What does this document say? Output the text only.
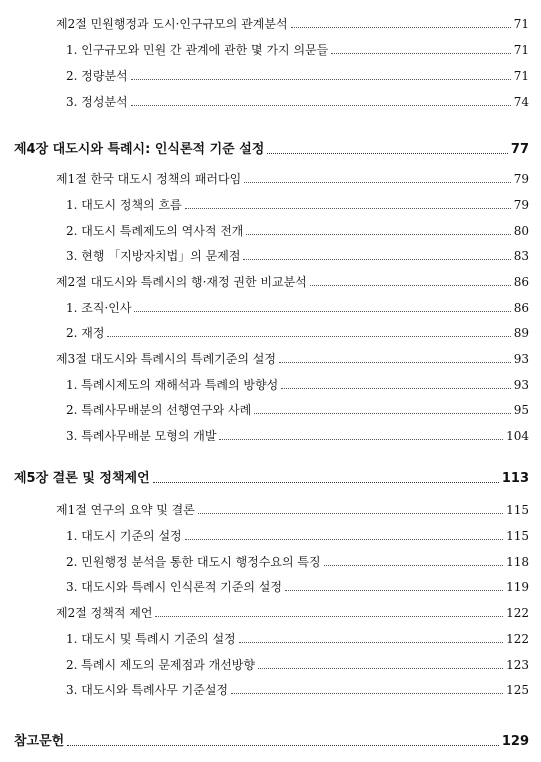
제2절 민원행정과 도시·인구규모의 관계분석	71
1. 인구규모와 민원 간 관계에 관한 몇 가지 의문들	71
2. 정량분석	71
3. 정성분석	74
제4장 대도시와 특례시: 인식론적 기준 설정	77
제1절 한국 대도시 정책의 패러다임	79
1. 대도시 정책의 흐름	79
2. 대도시 특례제도의 역사적 전개	80
3. 현행 「지방자치법」의 문제점	83
제2절 대도시와 특례시의 행·재정 권한 비교분석	86
1. 조직·인사	86
2. 재정	89
제3절 대도시와 특례시의 특례기준의 설정	93
1. 특례시제도의 재해석과 특례의 방향성	93
2. 특례사무배분의 선행연구와 사례	95
3. 특례사무배분 모형의 개발	104
제5장 결론 및 정책제언	113
제1절 연구의 요약 및 결론	115
1. 대도시 기준의 설정	115
2. 민원행정 분석을 통한 대도시 행정수요의 특징	118
3. 대도시와 특례시 인식론적 기준의 설정	119
제2절 정책적 제언	122
1. 대도시 및 특례시 기준의 설정	122
2. 특례시 제도의 문제점과 개선방향	123
3. 대도시와 특례사무 기준설정	125
참고문헌	129
